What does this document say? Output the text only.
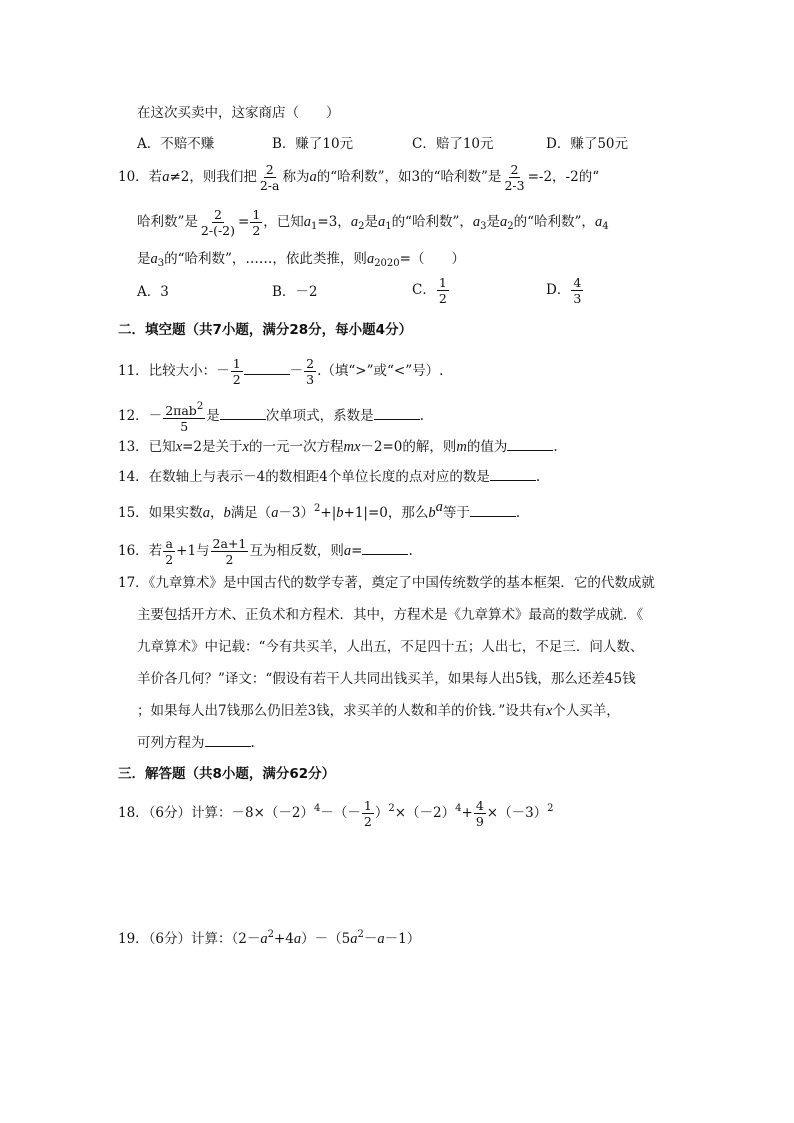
在这次买卖中，这家商店（　　）
A．不赔不赚	B．赚了10元	C．赔了10元	D．赚了50元
10．若a≠2，则我们把 $\frac{2}{2-a}$ 称为a的“哈利数”，如3的“哈利数”是 $\frac{2}{2-3} =-2$，-2的“
哈利数”是 $\frac{2}{2-(-2)} = \frac{1}{2}$ ，已知$a_1=3$，$a_2$是$a_1$的“哈利数”，$a_3$是$a_2$的“哈利数”，$a_4$
是$a_3$的“哈利数”，……，依此类推，则$a_{2020}=$（　　）
A．3	B．－2	C． $\frac{1}{2}$	D． $\frac{4}{3}$
二．填空题（共7小题，满分28分，每小题4分）
11．比较大小：－ $\frac{1}{2}$	－ $\frac{2}{3}$ .（填“>”或“<”号）.
12．－ $\frac{2\pi ab^2}{5}$ 是	次单项式，系数是	.
13．已知x=2是关于x的一元一次方程mx－2=0的解，则m的值为	.
14．在数轴上与表示－4的数相距4个单位长度的点对应的数是	.
15．如果实数a，b满足$(a-3)^2+|b+1|=0$，那么$b^a$等于	.
16．若 $\frac{a}{2} +1$与 $\frac{2a+1}{2}$ 互为相反数，则a=	.
17．《九章算术》是中国古代的数学专著，奠定了中国传统数学的基本框架．它的代数成就
主要包括开方术、正负术和方程术．其中，方程术是《九章算术》最高的数学成就．《
九章算术》中记载：“今有共买羊，人出五，不足四十五；人出七，不足三．问人数、
羊价各几何？”译文：“假设有若干人共同出钱买羊，如果每人出5钱，那么还差45钱
；如果每人出7钱那么仍旧差3钱，求买羊的人数和羊的价钱．”设共有x个人买羊，
可列方程为	.
三．解答题（共8小题，满分62分）
18．（6分）计算：$-8\times(-2)^4-(- \frac{1}{2} )^2\times(-2)^4+ \frac{4}{9} \times(-3)^2$
19．（6分）计算：$(2-a^2+4a)-(5a^2-a-1)$
